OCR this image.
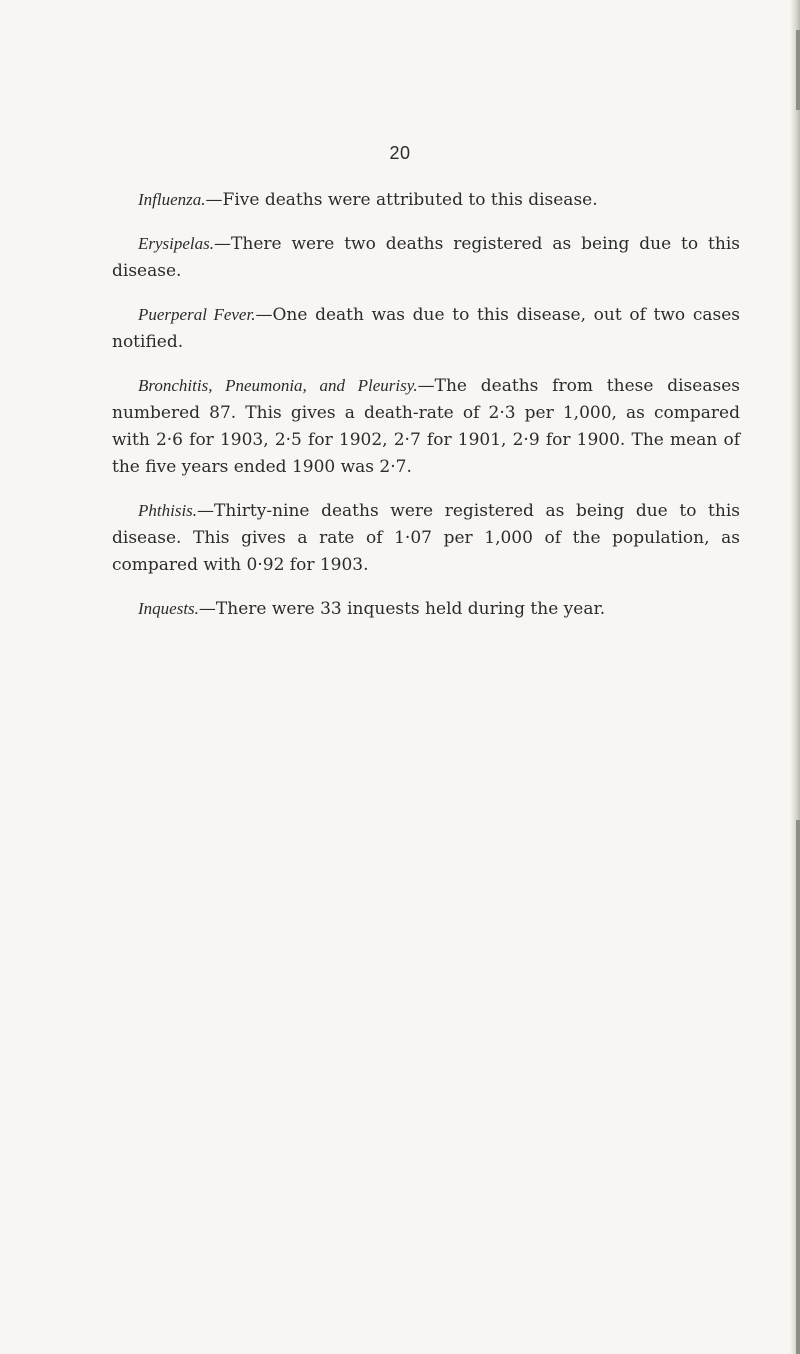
20

Influenza.—Five deaths were attributed to this disease.

Erysipelas.—There were two deaths registered as being due to this disease.

Puerperal Fever.—One death was due to this disease, out of two cases notified.

Bronchitis, Pneumonia, and Pleurisy.—The deaths from these diseases numbered 87. This gives a death-rate of 2·3 per 1,000, as compared with 2·6 for 1903, 2·5 for 1902, 2·7 for 1901, 2·9 for 1900. The mean of the five years ended 1900 was 2·7.

Phthisis.—Thirty-nine deaths were registered as being due to this disease. This gives a rate of 1·07 per 1,000 of the population, as compared with 0·92 for 1903.

Inquests.—There were 33 inquests held during the year.
